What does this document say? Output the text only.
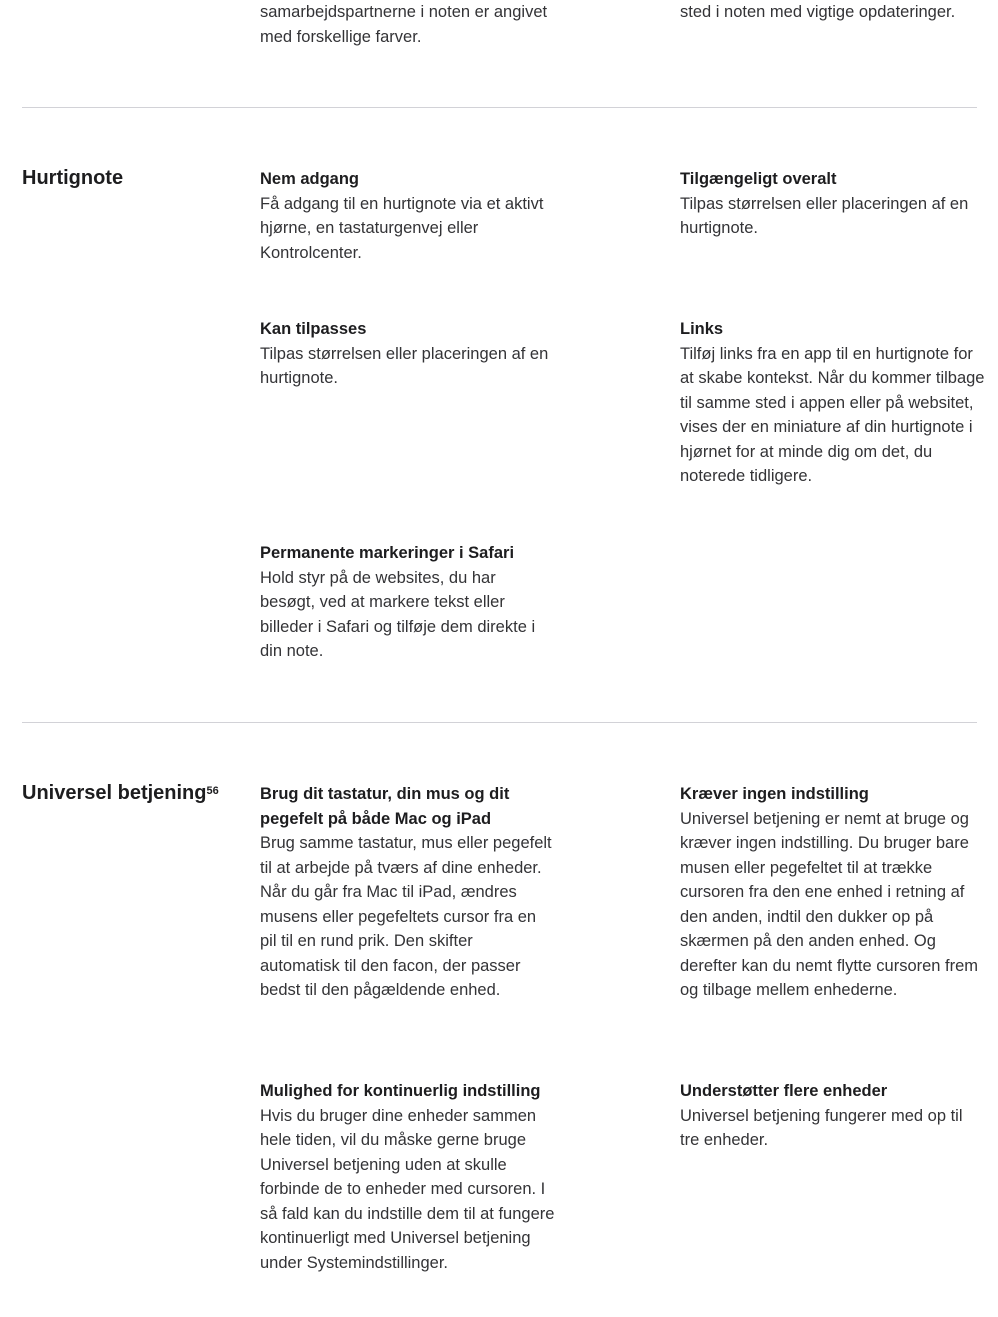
samarbejdspartnerne i noten er angivet med forskellige farver.

sted i noten med vigtige opdateringer.

Hurtignote	Nem adgang
Få adgang til en hurtignote via et aktivt hjørne, en tastaturgenvej eller Kontrolcenter.
Tilgængeligt overalt
Tilpas størrelsen eller placeringen af en hurtignote.
Kan tilpasses
Tilpas størrelsen eller placeringen af en hurtignote.
Links
Tilføj links fra en app til en hurtignote for at skabe kontekst. Når du kommer tilbage til samme sted i appen eller på websitet, vises der en miniature af din hurtignote i hjørnet for at minde dig om det, du noterede tidligere.
Permanente markeringer i Safari
Hold styr på de websites, du har besøgt, ved at markere tekst eller billeder i Safari og tilføje dem direkte i din note.
Universel betjening$^{56}$	Brug dit tastatur, din mus og dit pegefelt på både Mac og iPad
Brug samme tastatur, mus eller pegefelt til at arbejde på tværs af dine enheder. Når du går fra Mac til iPad, ændres musens eller pegefeltets cursor fra en pil til en rund prik. Den skifter automatisk til den facon, der passer bedst til den pågældende enhed.
Kræver ingen indstilling
Universel betjening er nemt at bruge og kræver ingen indstilling. Du bruger bare musen eller pegefeltet til at trække cursoren fra den ene enhed i retning af den anden, indtil den dukker op på skærmen på den anden enhed. Og derefter kan du nemt flytte cursoren frem og tilbage mellem enhederne.
Mulighed for kontinuerlig indstilling
Hvis du bruger dine enheder sammen hele tiden, vil du måske gerne bruge Universel betjening uden at skulle forbinde de to enheder med cursoren. I så fald kan du indstille dem til at fungere kontinuerligt med Universel betjening under Systemindstillinger.
Understøtter flere enheder
Universel betjening fungerer med op til tre enheder.
